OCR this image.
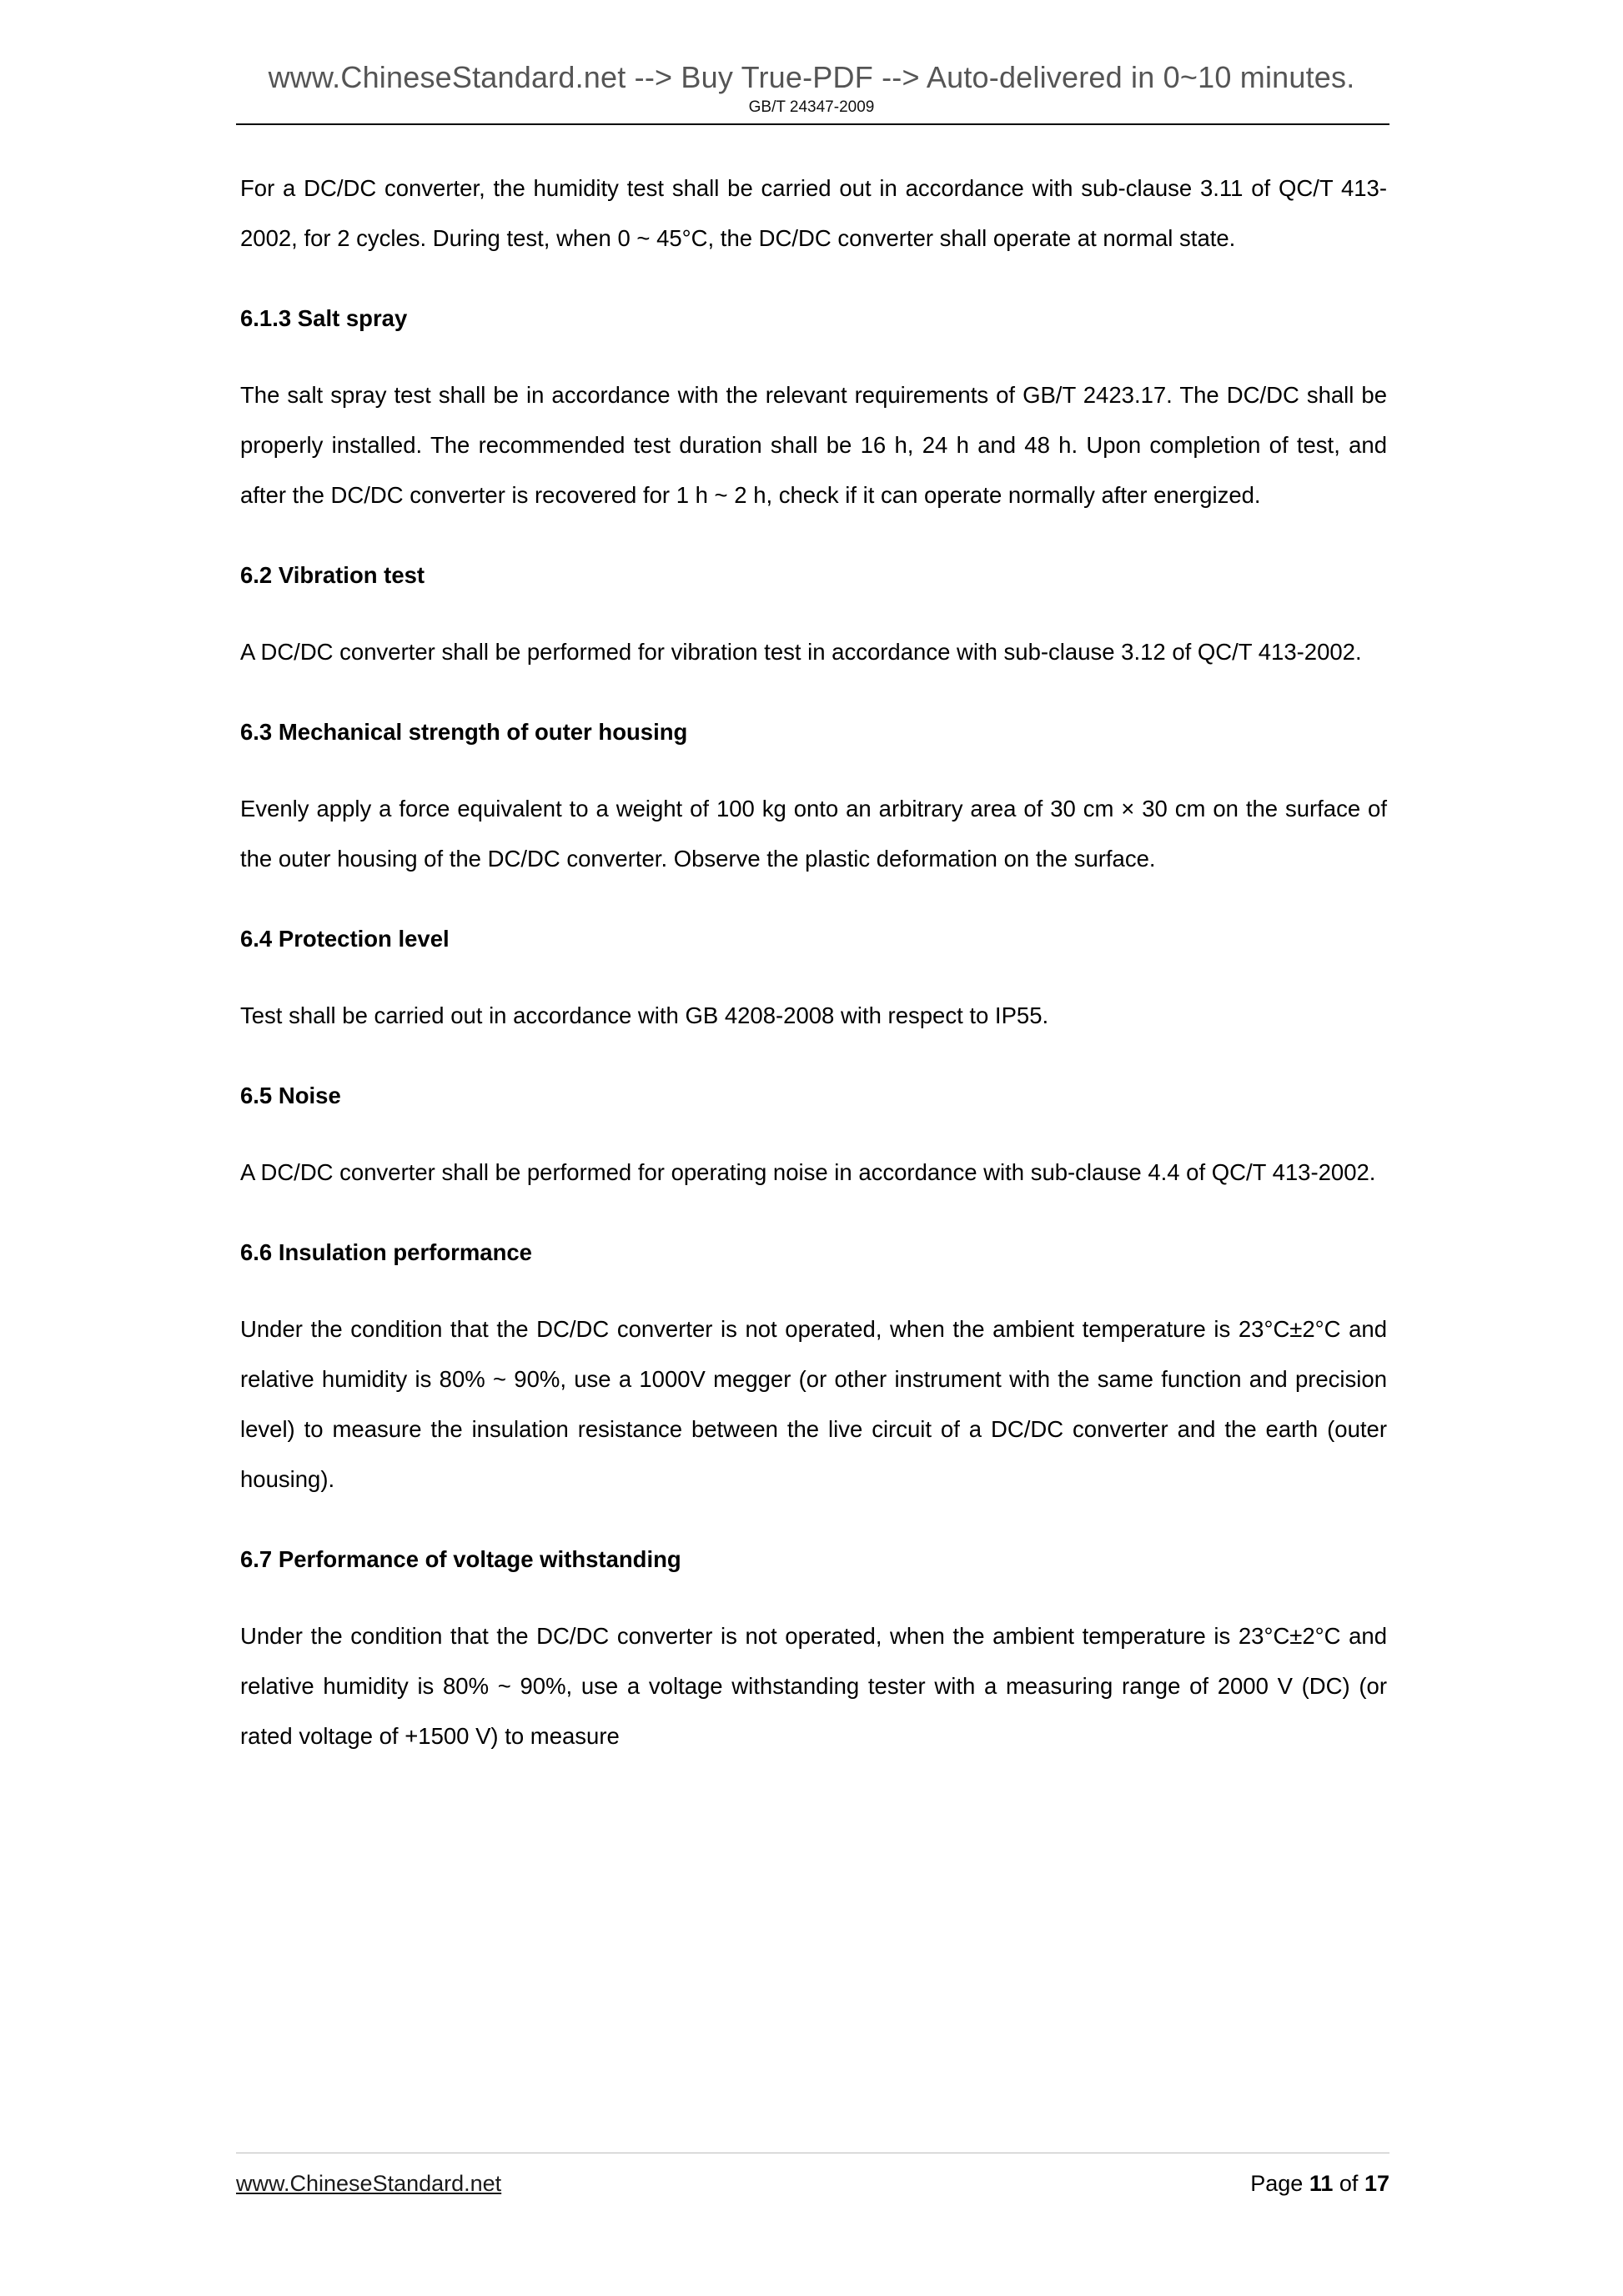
www.ChineseStandard.net --> Buy True-PDF --> Auto-delivered in 0~10 minutes.
GB/T 24347-2009

For a DC/DC converter, the humidity test shall be carried out in accordance with sub-clause 3.11 of QC/T 413-2002, for 2 cycles. During test, when 0 ~ 45°C, the DC/DC converter shall operate at normal state.

6.1.3 Salt spray

The salt spray test shall be in accordance with the relevant requirements of GB/T 2423.17. The DC/DC shall be properly installed. The recommended test duration shall be 16 h, 24 h and 48 h. Upon completion of test, and after the DC/DC converter is recovered for 1 h ~ 2 h, check if it can operate normally after energized.

6.2 Vibration test

A DC/DC converter shall be performed for vibration test in accordance with sub-clause 3.12 of QC/T 413-2002.

6.3 Mechanical strength of outer housing

Evenly apply a force equivalent to a weight of 100 kg onto an arbitrary area of 30 cm × 30 cm on the surface of the outer housing of the DC/DC converter. Observe the plastic deformation on the surface.

6.4 Protection level

Test shall be carried out in accordance with GB 4208-2008 with respect to IP55.

6.5 Noise

A DC/DC converter shall be performed for operating noise in accordance with sub-clause 4.4 of QC/T 413-2002.

6.6 Insulation performance

Under the condition that the DC/DC converter is not operated, when the ambient temperature is 23°C±2°C and relative humidity is 80% ~ 90%, use a 1000V megger (or other instrument with the same function and precision level) to measure the insulation resistance between the live circuit of a DC/DC converter and the earth (outer housing).

6.7 Performance of voltage withstanding

Under the condition that the DC/DC converter is not operated, when the ambient temperature is 23°C±2°C and relative humidity is 80% ~ 90%, use a voltage withstanding tester with a measuring range of 2000 V (DC) (or rated voltage of +1500 V) to measure

www.ChineseStandard.net	Page 11 of 17
